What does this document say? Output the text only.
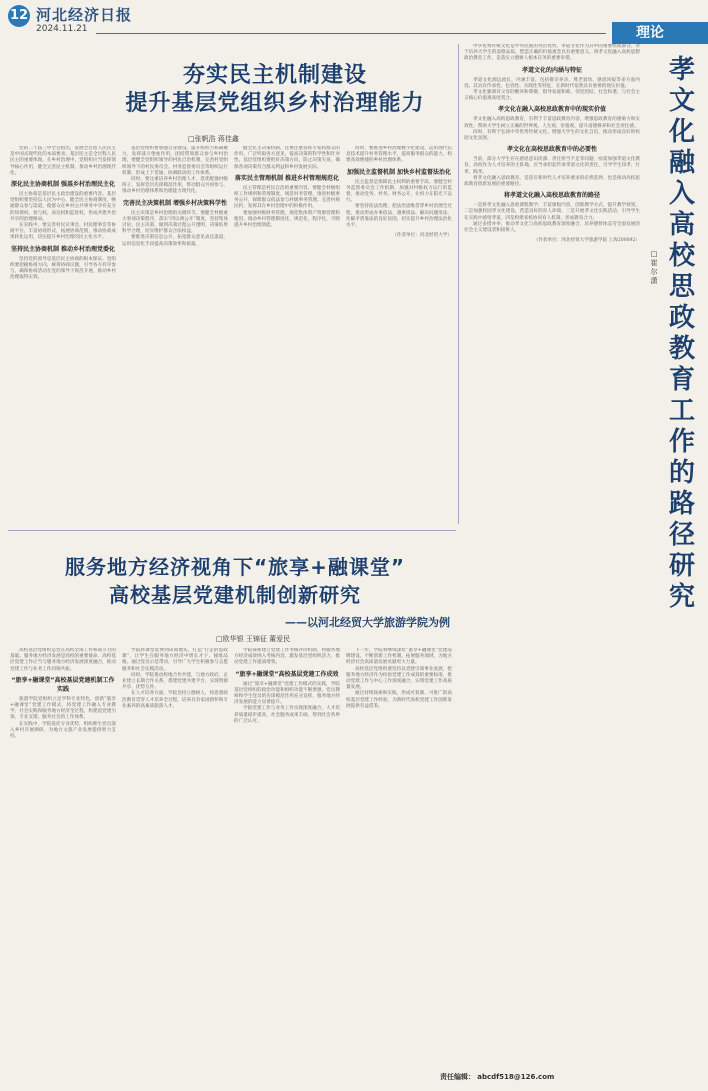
12 河北经济日报
2024.11.21	理论
夯实民主机制建设
提升基层党组织乡村治理能力
□张帆浩 蒋佳鑫

党的二十届三中全会指出，发展全过程人民民主是中国式现代化的本质要求。基层民主是全过程人民民主的重要体现。在乡村治理中，党组织应当发挥领导核心作用，健全完善民主机制，推动乡村治理现代化。

深化民主协商机制 强基乡村治理民主化

民主协商是基层民主政治建设的重要内容。基层党组织要坚持以人民为中心，健全民主协商制度，畅通群众参与渠道，使群众在乡村公共事务中享有充分的知情权、参与权、表达权和监督权，形成共建共治共享的治理格局。

在实践中，要完善村民议事会、村民理事会等协商平台，丰富协商形式，拓展协商范围，推动协商成果转化运用，切实提升乡村治理的民主化水平。

坚持民主协商机制 推动乡村治理党委化

坚持党的领导是基层民主协商的根本保证。党组织要把握协商方向，统筹协商议题，引导各方有序参与，确保协商活动在党的领导下规范开展，推动乡村治理取得实效。

基层党组织要加强自身建设，提升组织力和凝聚力，发挥战斗堡垒作用，团结带领群众参与乡村治理。要健全党组织领导的村民自治机制，完善村党组织领导下的村民委员会、村务监督委员会等组织运行机制，形成上下贯通、协调联动的工作体系。

同时，要注重培养乡村治理人才，选优配强村级班子，发挥党员先锋模范作用，带动群众共同参与，推动乡村治理体系和治理能力现代化。

完善民主决策机制 增强乡村决策科学性

民主决策是乡村治理的关键环节。要健全村级重大事项决策程序，落实“四议两公开”制度，坚持集体讨论、民主决策，做到决策过程公开透明，决策结果科学合理，切实维护群众合法权益。

要推进决策信息公开，拓宽群众意见表达渠道，运用信息化手段提高决策效率和质量。

健全民主决策机制，还要注重发挥专家和群众的作用，广泛听取各方意见，提高决策的科学性和针对性。基层党组织要把好决策方向，防止决策失误，确保各项决策符合群众利益和乡村发展实际。

落实民主管理机制 推进乡村管理规范化

民主管理是村民自治的重要内容。要健全村级组织工作规则和管理制度，规范村务管理，推进村级事务公开，保障群众依法参与村级事务管理。完善村规民约，发挥其在乡村治理中的积极作用。

要加强村级财务管理，规范集体资产资源管理和使用，推动乡村管理制度化、规范化、程序化，不断提升乡村治理效能。

同时，要推进乡村治理数字化建设，运用现代信息技术提升村务管理水平，提高服务群众的能力，构建高效便捷的乡村治理体系。

加强民主监督机制 加快乡村监督法治化

民主监督是保障民主权利的重要手段。要健全村务监督委员会工作机制，加强对村级权力运行的监督，推动党务、村务、财务公开，让权力在阳光下运行。

要坚持依法治理，把法治思维贯穿乡村治理全过程，推动形成办事依法、遇事找法、解决问题用法、化解矛盾靠法的良好氛围，切实提升乡村治理法治化水平。

（作者单位：河北经贸大学）

中华优秀传统文化是中华民族的突出优势，孝道文化作为其中的重要组成部分，对于培养大学生的道德品质、塑造正确的价值观念具有重要意义。将孝文化融入高校思想政治教育工作，是落实立德树人根本任务的重要举措。

孝道文化的内涵与特征

孝道文化源远流长，内涵丰富，包括敬亲养亲、尊老爱幼、感恩回报等多方面内容。其具有传承性、包容性、实践性等特征，在新时代依然具有重要的现实价值。

孝文化强调对父母的赡养和尊敬，倡导家庭和睦、邻里团结、社会和谐，与社会主义核心价值观高度契合。

孝文化在融入高校思政教育中的现实价值

孝文化融入高校思政教育，有利于丰富思政教育内容，增强思政教育的感染力和实效性，帮助大学生树立正确的世界观、人生观、价值观，提升道德修养和社会责任感。

同时，有利于弘扬中华优秀传统文化，增强大学生的文化自信，推动形成良好的校园文化氛围。

孝文化在高校思政教育中的必要性

当前，部分大学生存在感恩意识淡薄、责任担当不足等问题，亟需加强孝道文化教育。高校作为人才培养的主阵地，应当承担起传承孝道文化的责任，引导学生知孝、行孝、践孝。

将孝文化融入思政教育，是适应新时代人才培养要求的必然选择，也是推动高校思政教育创新发展的重要路径。

将孝道文化融入高校思政教育的路径

一是将孝文化融入思政课程教学，丰富课程内容，创新教学方式，提升教学效果。二是加强校园孝文化建设，营造良好的育人环境。三是开展孝文化实践活动，引导学生在实践中感悟孝道。四是构建家校协同育人机制，形成教育合力。

通过多措并举，推动孝文化与高校思政教育深度融合，培养德智体美劳全面发展的社会主义建设者和接班人。

（作者单位：河北经贸大学旅游学院 上海200092）
孝文化融入高校思政教育工作的路径研究
□崔尔潇
服务地方经济视角下“旅享+融课堂”
高校基层党建机制创新研究
——以河北经贸大学旅游学院为例
□欧华银 王锦征 董爱民

高校基层党组织是党在高校全部工作和战斗力的基础。服务地方经济发展是高校的重要使命，高校基层党建工作应当与服务地方经济发展深度融合，推动党建工作与业务工作同频共振。

“旅享+融课堂”高校基层党建机制工作实践

旅游学院党组织立足学科专业特色，创新“旅享+融课堂”党建工作模式，将党建工作融入专业教学、社会实践和服务地方经济全过程，构建起党建引领、专业支撑、服务社会的工作体系。

在实践中，学院依托专业优势，组织师生党员深入乡村开展调研，为地方文旅产业发展提供智力支持。

学院将课堂延伸到田间地头，打造“行走的思政课”，让学生在服务地方经济中增长才干、锤炼品格。通过党员示范带动，引导广大学生积极参与志愿服务和社会实践活动。

同时，学院推动校地合作共建，与地方政府、企业建立长期合作关系，搭建党建共建平台，实现资源共享、优势互补。

在人才培养方面，学院坚持立德树人，将思想政治教育贯穿人才培养全过程，培养具有家国情怀和专业素养的高素质旅游人才。

学院探索建立党建工作考核评价机制，将服务地方经济成效纳入考核内容，激发基层党组织活力，推动党建工作提质增效。

“旅享+融课堂”高校基层党建工作成效

通过“旅享+融课堂”党建工作模式的实践，学院基层党组织的政治功能和组织功能不断增强，党员教师和学生党员的先锋模范作用充分发挥，服务地方经济发展的能力显著提升。

学院党建工作与业务工作实现深度融合，人才培养质量稳步提高，社会服务成果丰硕，得到社会各界的广泛认可。

下一步，学院将继续深化“旅享+融课堂”党建品牌建设，不断创新工作机制，拓展服务领域，为地方经济社会高质量发展贡献更大力量。

高校基层党组织要坚持以党建引领事业发展，把服务地方经济作为检验党建工作成效的重要标准，推动党建工作与中心工作深度融合，实现党建工作高质量发展。

通过持续探索和实践，形成可复制、可推广的高校基层党建工作经验，为新时代高校党建工作创新发展提供有益借鉴。

责任编辑： abcdf518@126.com
